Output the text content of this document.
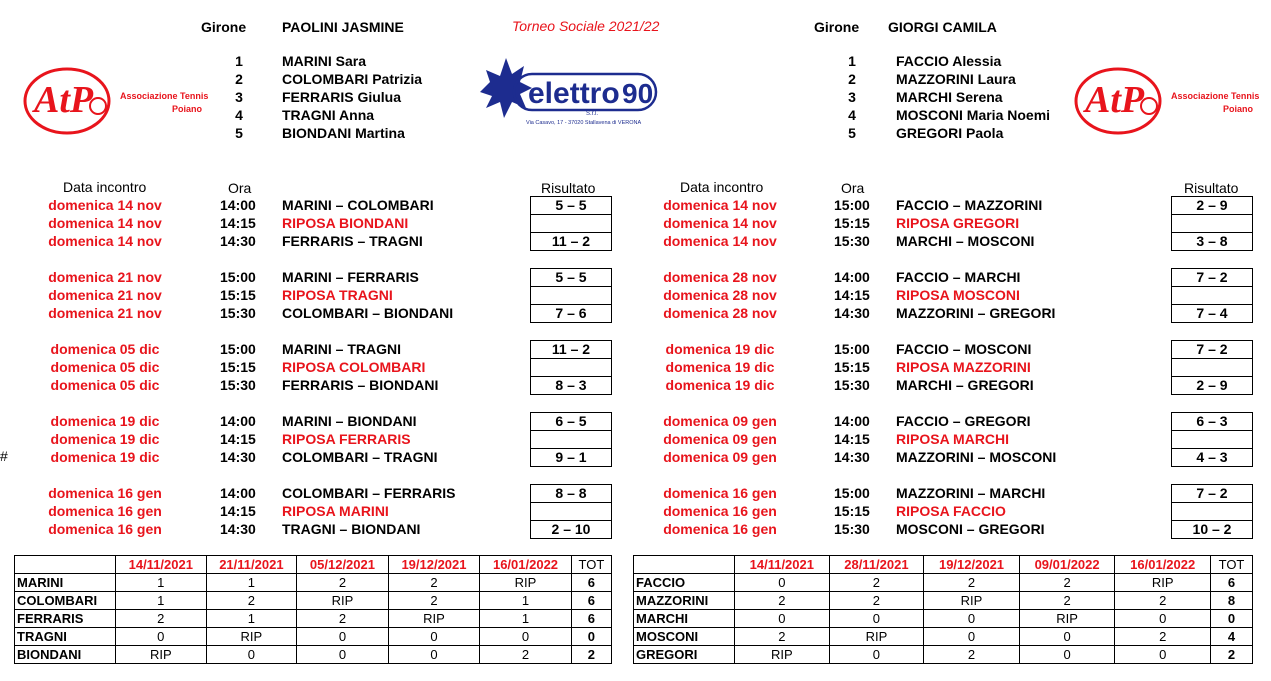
Girone	PAOLINI JASMINE	Torneo Sociale 2021/22	Girone GIORGI CAMILA
AtP	Associazione Tennis
Poiano	AtP	Associazione Tennis
Poiano
elettro 90
S.r.l.
Via Casavo, 17 - 37020 Stallavena di VERONA
1	MARINI Sara
2	COLOMBARI Patrizia
3	FERRARIS Giulua
4	TRAGNI Anna
5	BIONDANI Martina
1	FACCIO Alessia
2	MAZZORINI Laura
3	MARCHI Serena
4	MOSCONI Maria Noemi
5	GREGORI Paola
Data incontro	Ora	Risultato	Data incontro	Ora	Risultato
#
domenica 14 nov	14:00 MARINI – COLOMBARI	5 – 5
domenica 14 nov	14:15 RIPOSA BIONDANI
domenica 14 nov	14:30 FERRARIS – TRAGNI	11 – 2
domenica 21 nov	15:00 MARINI – FERRARIS	5 – 5
domenica 21 nov	15:15 RIPOSA TRAGNI
domenica 21 nov	15:30 COLOMBARI – BIONDANI	7 – 6
domenica 05 dic	15:00 MARINI – TRAGNI	11 – 2
domenica 05 dic	15:15 RIPOSA COLOMBARI
domenica 05 dic	15:30 FERRARIS – BIONDANI	8 – 3
domenica 19 dic	14:00 MARINI – BIONDANI	6 – 5
domenica 19 dic	14:15 RIPOSA FERRARIS
domenica 19 dic	14:30 COLOMBARI – TRAGNI	9 – 1
domenica 16 gen	14:00 COLOMBARI – FERRARIS	8 – 8
domenica 16 gen	14:15 RIPOSA MARINI
domenica 16 gen	14:30 TRAGNI – BIONDANI	2 – 10
domenica 14 nov	15:00 FACCIO – MAZZORINI	2 – 9
domenica 14 nov	15:15 RIPOSA GREGORI
domenica 14 nov	15:30 MARCHI – MOSCONI	3 – 8
domenica 28 nov	14:00 FACCIO – MARCHI	7 – 2
domenica 28 nov	14:15 RIPOSA MOSCONI
domenica 28 nov	14:30 MAZZORINI – GREGORI	7 – 4
domenica 19 dic	15:00 FACCIO – MOSCONI	7 – 2
domenica 19 dic	15:15 RIPOSA MAZZORINI
domenica 19 dic	15:30 MARCHI – GREGORI	2 – 9
domenica 09 gen	14:00 FACCIO – GREGORI	6 – 3
domenica 09 gen	14:15 RIPOSA MARCHI
domenica 09 gen	14:30 MAZZORINI – MOSCONI	4 – 3
domenica 16 gen	15:00 MAZZORINI – MARCHI	7 – 2
domenica 16 gen	15:15 RIPOSA FACCIO
domenica 16 gen	15:30 MOSCONI – GREGORI	10 – 2
	14/11/2021	21/11/2021	05/12/2021	19/12/2021	16/01/2022	TOT
MARINI	1	1	2	2	RIP	6
COLOMBARI	1	2	RIP	2	1	6
FERRARIS	2	1	2	RIP	1	6
TRAGNI	0	RIP	0	0	0	0
BIONDANI	RIP	0	0	0	2	2
	14/11/2021	28/11/2021	19/12/2021	09/01/2022	16/01/2022	TOT
FACCIO	0	2	2	2	RIP	6
MAZZORINI	2	2	RIP	2	2	8
MARCHI	0	0	0	RIP	0	0
MOSCONI	2	RIP	0	0	2	4
GREGORI	RIP	0	2	0	0	2
